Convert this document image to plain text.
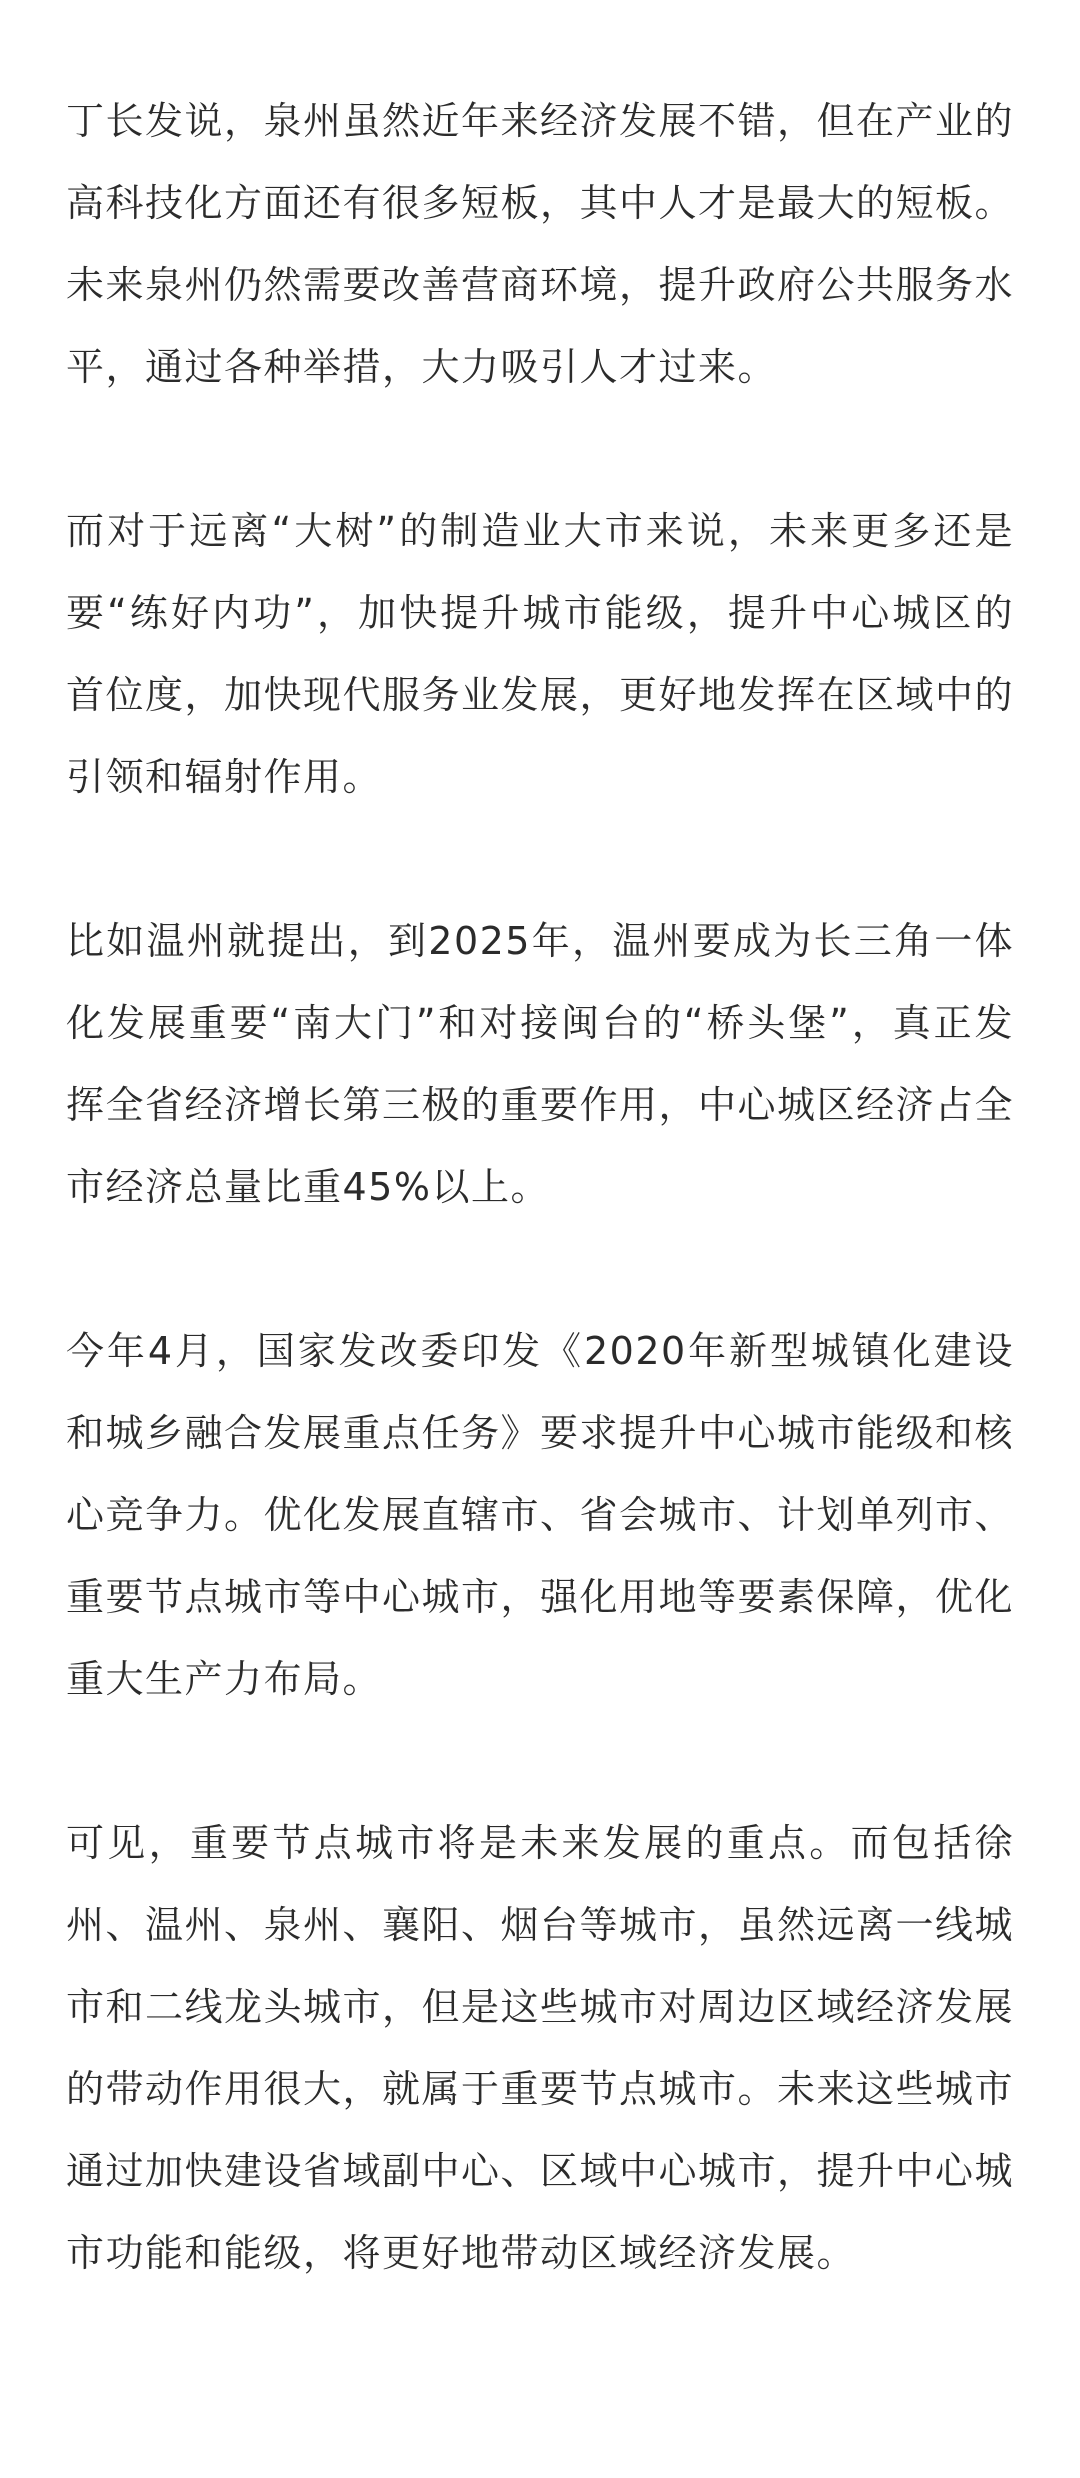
丁长发说，泉州虽然近年来经济发展不错，但在产业的高科技化方面还有很多短板，其中人才是最大的短板。未来泉州仍然需要改善营商环境，提升政府公共服务水平，通过各种举措，大力吸引人才过来。

而对于远离“大树”的制造业大市来说，未来更多还是要“练好内功”，加快提升城市能级，提升中心城区的首位度，加快现代服务业发展，更好地发挥在区域中的引领和辐射作用。

比如温州就提出，到2025年，温州要成为长三角一体化发展重要“南大门”和对接闽台的“桥头堡”，真正发挥全省经济增长第三极的重要作用，中心城区经济占全市经济总量比重45%以上。

今年4月，国家发改委印发《2020年新型城镇化建设和城乡融合发展重点任务》要求提升中心城市能级和核心竞争力。优化发展直辖市、省会城市、计划单列市、重要节点城市等中心城市，强化用地等要素保障，优化重大生产力布局。

可见，重要节点城市将是未来发展的重点。而包括徐州、温州、泉州、襄阳、烟台等城市，虽然远离一线城市和二线龙头城市，但是这些城市对周边区域经济发展的带动作用很大，就属于重要节点城市。未来这些城市通过加快建设省域副中心、区域中心城市，提升中心城市功能和能级，将更好地带动区域经济发展。
